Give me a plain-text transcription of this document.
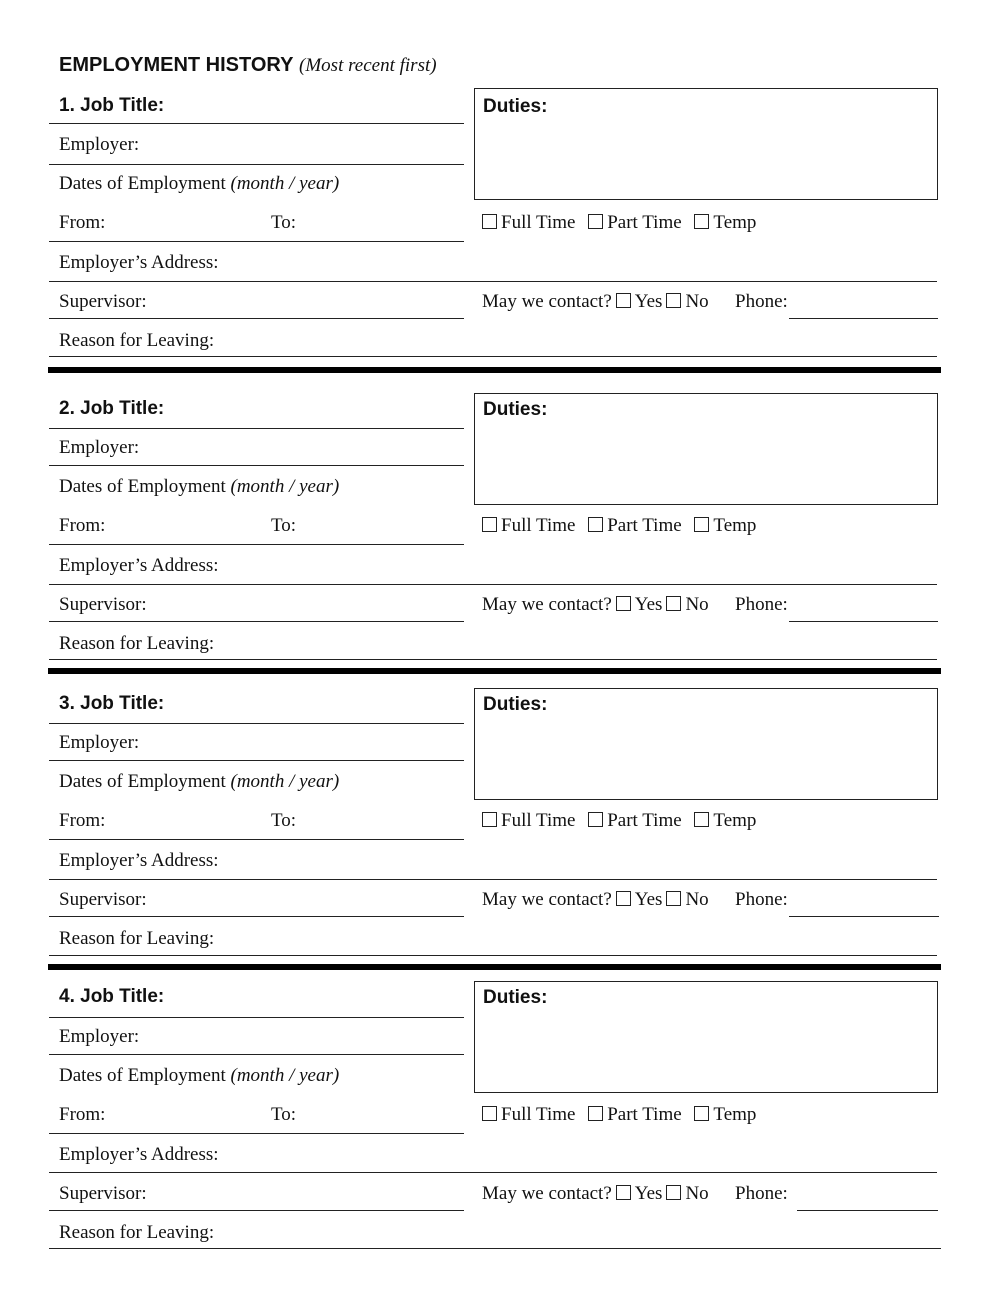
EMPLOYMENT HISTORY (Most recent first)
1. Job Title:
Employer:
Dates of Employment (month / year)
From:	To:
Employer’s Address:
Supervisor:
Reason for Leaving:
Duties:
Full Time Part Time Temp
May we contact? Yes No Phone:
2. Job Title:
Employer:
Dates of Employment (month / year)
From:	To:
Employer’s Address:
Supervisor:
Reason for Leaving:
Duties:
Full Time Part Time Temp
May we contact? Yes No Phone:
3. Job Title:
Employer:
Dates of Employment (month / year)
From:	To:
Employer’s Address:
Supervisor:
Reason for Leaving:
Duties:
Full Time Part Time Temp
May we contact? Yes No Phone:
4. Job Title:
Employer:
Dates of Employment (month / year)
From:	To:
Employer’s Address:
Supervisor:
Reason for Leaving:
Duties:
Full Time Part Time Temp
May we contact? Yes No Phone:
